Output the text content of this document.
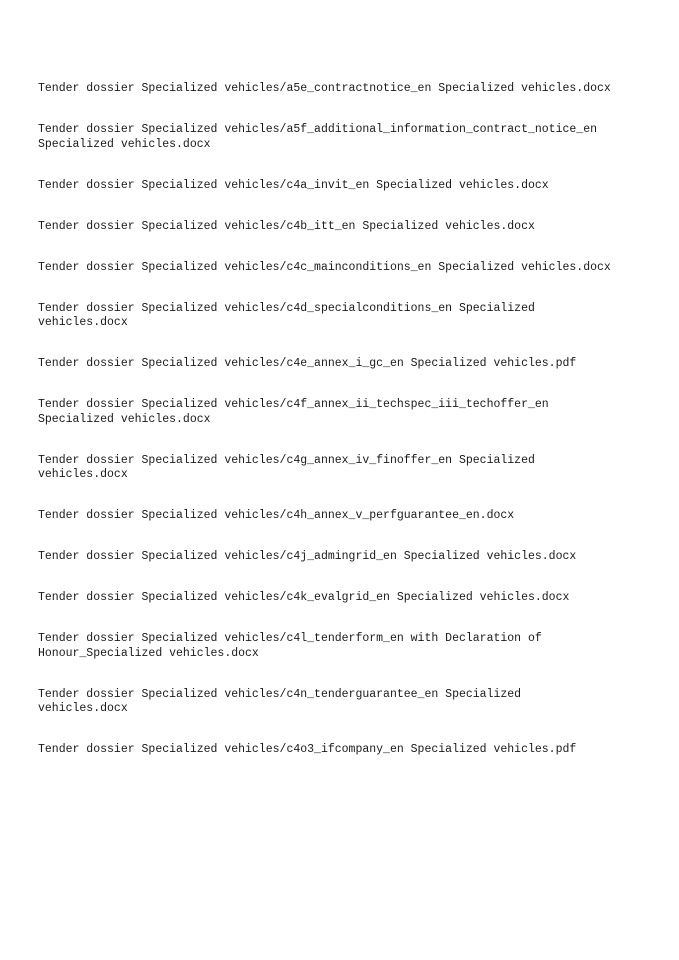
Tender dossier Specialized vehicles/a5e_contractnotice_en Specialized vehicles.docx
Tender dossier Specialized vehicles/a5f_additional_information_contract_notice_en
Specialized vehicles.docx
Tender dossier Specialized vehicles/c4a_invit_en Specialized vehicles.docx
Tender dossier Specialized vehicles/c4b_itt_en Specialized vehicles.docx
Tender dossier Specialized vehicles/c4c_mainconditions_en Specialized vehicles.docx
Tender dossier Specialized vehicles/c4d_specialconditions_en Specialized
vehicles.docx
Tender dossier Specialized vehicles/c4e_annex_i_gc_en Specialized vehicles.pdf
Tender dossier Specialized vehicles/c4f_annex_ii_techspec_iii_techoffer_en
Specialized vehicles.docx
Tender dossier Specialized vehicles/c4g_annex_iv_finoffer_en Specialized
vehicles.docx
Tender dossier Specialized vehicles/c4h_annex_v_perfguarantee_en.docx
Tender dossier Specialized vehicles/c4j_admingrid_en Specialized vehicles.docx
Tender dossier Specialized vehicles/c4k_evalgrid_en Specialized vehicles.docx
Tender dossier Specialized vehicles/c4l_tenderform_en with Declaration of
Honour_Specialized vehicles.docx
Tender dossier Specialized vehicles/c4n_tenderguarantee_en Specialized
vehicles.docx
Tender dossier Specialized vehicles/c4o3_ifcompany_en Specialized vehicles.pdf
